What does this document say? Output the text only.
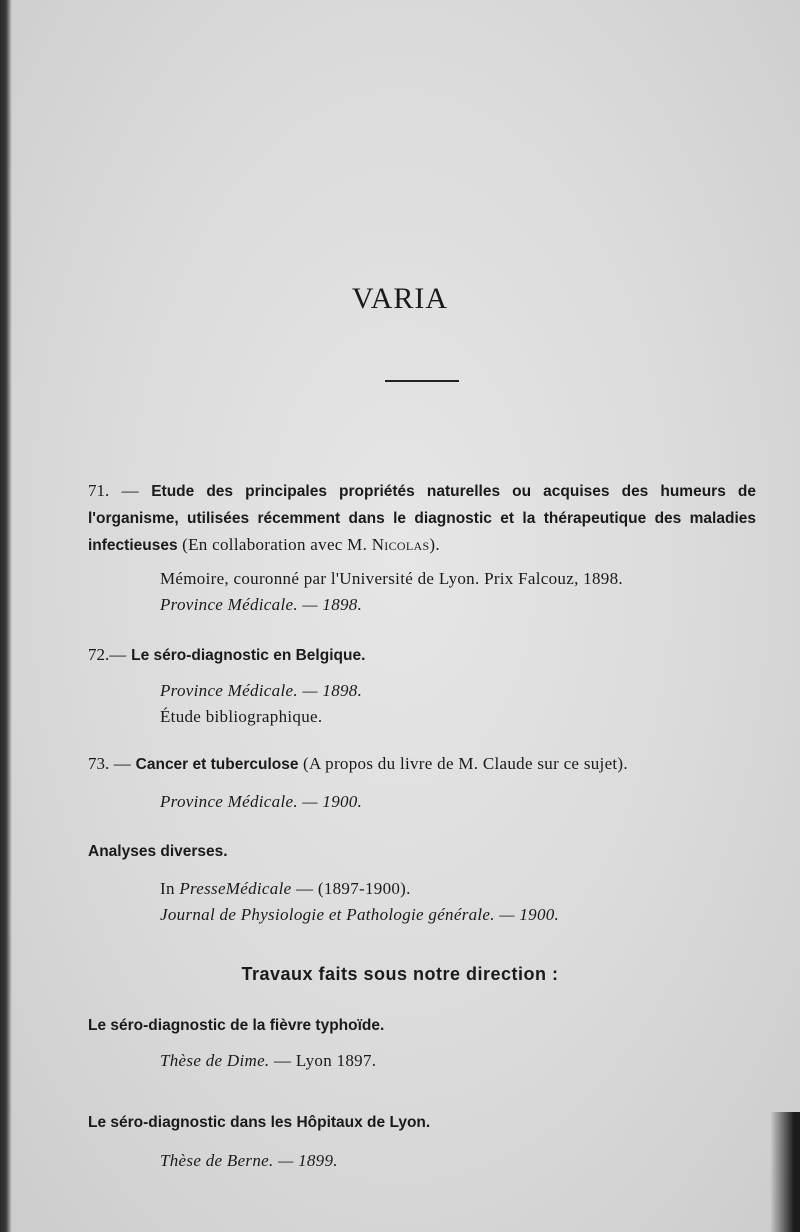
VARIA
71. — Etude des principales propriétés naturelles ou acquises des humeurs de l'organisme, utilisées récemment dans le diagnostic et la thérapeutique des maladies infectieuses (En collaboration avec M. Nicolas).
Mémoire, couronné par l'Université de Lyon. Prix Falcouz, 1898.
Province Médicale. — 1898.
72.— Le séro-diagnostic en Belgique.
Province Médicale. — 1898.
Étude bibliographique.
73. — Cancer et tuberculose (A propos du livre de M. Claude sur ce sujet).
Province Médicale. — 1900.
Analyses diverses.
In PresseMédicale — (1897-1900).
Journal de Physiologie et Pathologie générale. — 1900.
Travaux faits sous notre direction :
Le séro-diagnostic de la fièvre typhoïde.
Thèse de Dime. — Lyon 1897.
Le séro-diagnostic dans les Hôpitaux de Lyon.
Thèse de Berne. — 1899.
